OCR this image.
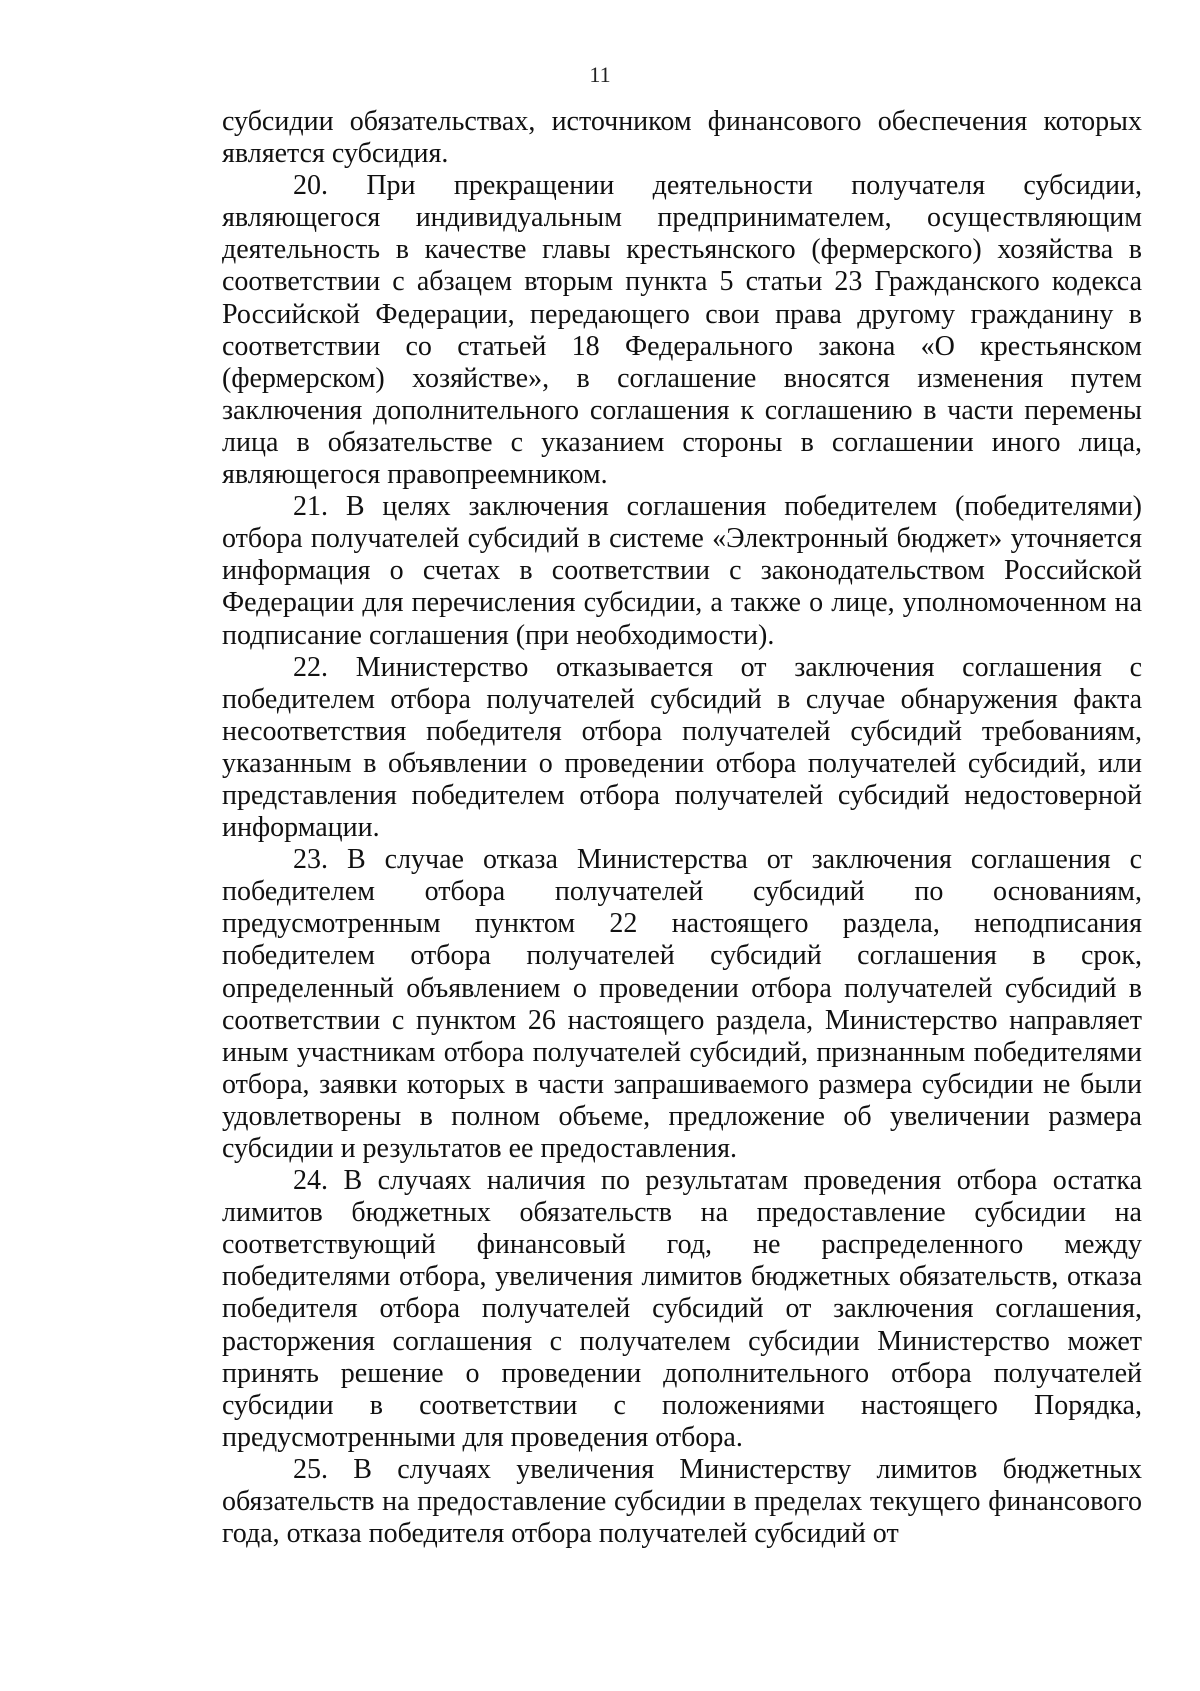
11

субсидии обязательствах, источником финансового обеспечения которых является субсидия.

20. При прекращении деятельности получателя субсидии, являющегося индивидуальным предпринимателем, осуществляющим деятельность в качестве главы крестьянского (фермерского) хозяйства в соответствии с абзацем вторым пункта 5 статьи 23 Гражданского кодекса Российской Федерации, передающего свои права другому гражданину в соответствии со статьей 18 Федерального закона «О крестьянском (фермерском) хозяйстве», в соглашение вносятся изменения путем заключения дополнительного соглашения к соглашению в части перемены лица в обязательстве с указанием стороны в соглашении иного лица, являющегося правопреемником.

21. В целях заключения соглашения победителем (победителями) отбора получателей субсидий в системе «Электронный бюджет» уточняется информация о счетах в соответствии с законодательством Российской Федерации для перечисления субсидии, а также о лице, уполномоченном на подписание соглашения (при необходимости).

22. Министерство отказывается от заключения соглашения с победителем отбора получателей субсидий в случае обнаружения факта несоответствия победителя отбора получателей субсидий требованиям, указанным в объявлении о проведении отбора получателей субсидий, или представления победителем отбора получателей субсидий недостоверной информации.

23. В случае отказа Министерства от заключения соглашения с победителем отбора получателей субсидий по основаниям, предусмотренным пунктом 22 настоящего раздела, неподписания победителем отбора получателей субсидий соглашения в срок, определенный объявлением о проведении отбора получателей субсидий в соответствии с пунктом 26 настоящего раздела, Министерство направляет иным участникам отбора получателей субсидий, признанным победителями отбора, заявки которых в части запрашиваемого размера субсидии не были удовлетворены в полном объеме, предложение об увеличении размера субсидии и результатов ее предоставления.

24. В случаях наличия по результатам проведения отбора остатка лимитов бюджетных обязательств на предоставление субсидии на соответствующий финансовый год, не распределенного между победителями отбора, увеличения лимитов бюджетных обязательств, отказа победителя отбора получателей субсидий от заключения соглашения, расторжения соглашения с получателем субсидии Министерство может принять решение о проведении дополнительного отбора получателей субсидии в соответствии с положениями настоящего Порядка, предусмотренными для проведения отбора.

25. В случаях увеличения Министерству лимитов бюджетных обязательств на предоставление субсидии в пределах текущего финансового года, отказа победителя отбора получателей субсидий от
